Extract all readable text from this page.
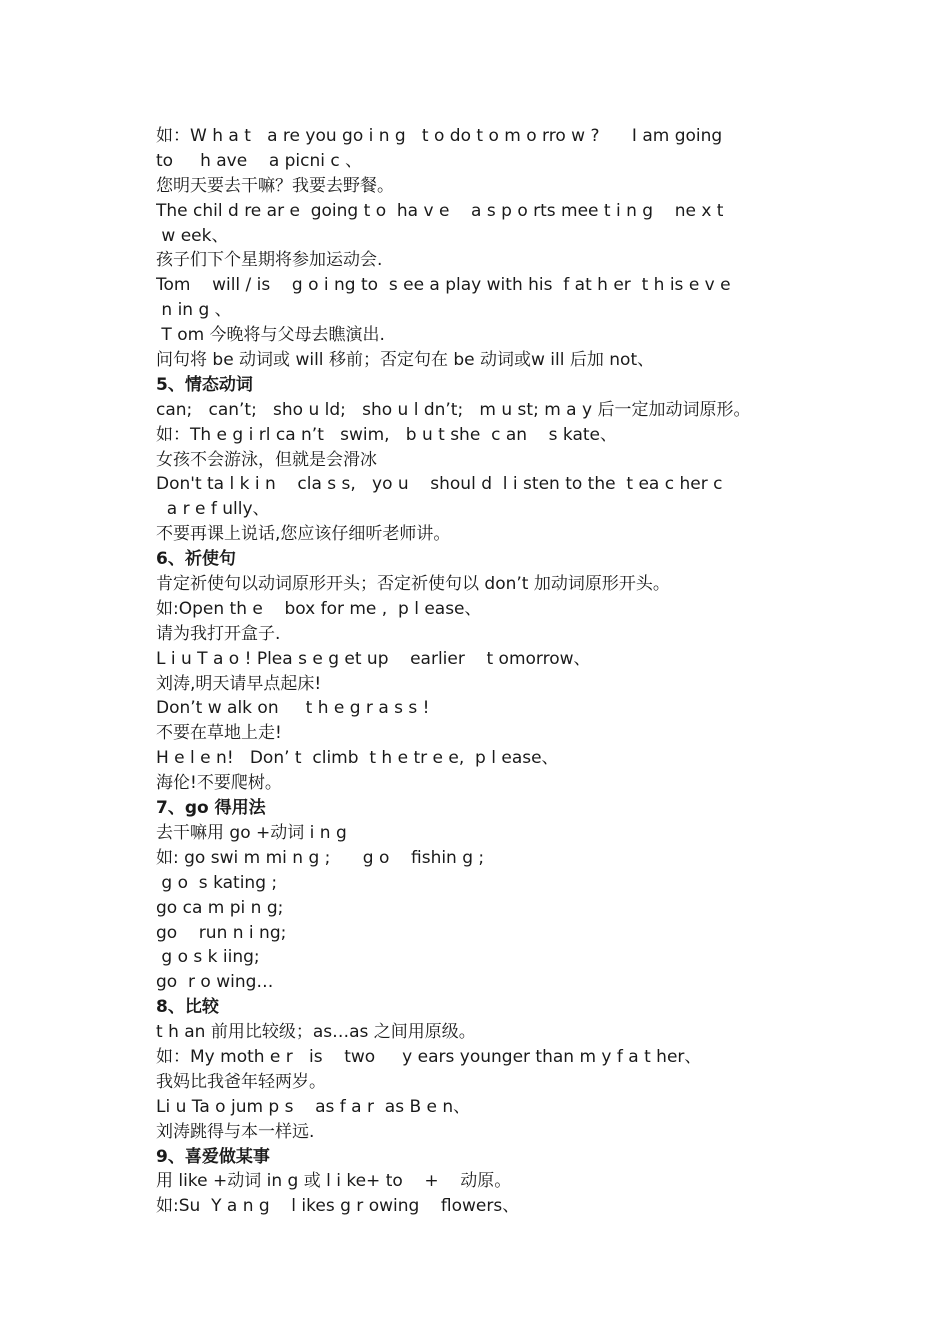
如：W h a t   a re you go i n g   t o do t o m o rro w ?      I am going
to     h ave    a picni c 、
您明天要去干嘛？我要去野餐。
The chil d re ar e  going t o  ha v e    a s p o rts mee t i n g    ne x t
w eek、
孩子们下个星期将参加运动会.
Tom    will / is    g o i ng to  s ee a play with his  f at h er  t h is e v e
n in g 、
T om 今晚将与父母去瞧演出.
问句将 be 动词或 will 移前；否定句在 be 动词或w ill 后加 not、
5、情态动词
can;   can’t;   sho u ld;   sho u l dn’t;   m u st; m a y 后一定加动词原形。
如：Th e g i rl ca n’t   swim,   b u t she  c an    s kate、
女孩不会游泳，但就是会滑冰
Don't ta l k i n    cla s s,   yo u    shoul d  l i sten to the  t ea c her c
a r e f ully、
不要再课上说话,您应该仔细听老师讲。
6、祈使句
肯定祈使句以动词原形开头；否定祈使句以 don’t 加动词原形开头。
如:Open th e    box for me ,  p l ease、
请为我打开盒子.
L i u T a o ! Plea s e g et up    earlier    t omorrow、
刘涛,明天请早点起床!
Don’t w alk on     t h e g r a s s !
不要在草地上走!
H e l e n!   Don’ t  climb  t h e tr e e,  p l ease、
海伦!不要爬树。
7、go 得用法
去干嘛用 go +动词 i n g
如: go swi m mi n g ;      g o    fishin g ;
g o  s kating ;
go ca m pi n g;
go    run n i ng;
g o s k iing;
go  r o wing…
8、比较
t h an 前用比较级；as…as 之间用原级。
如：My moth e r   is    two     y ears younger than m y f a t her、
我妈比我爸年轻两岁。
Li u Ta o jum p s    as f a r  as B e n、
刘涛跳得与本一样远.
9、喜爱做某事
用 like +动词 in g 或 l i ke+ to    +    动原。
如:Su  Y a n g    l ikes g r owing    flowers、
